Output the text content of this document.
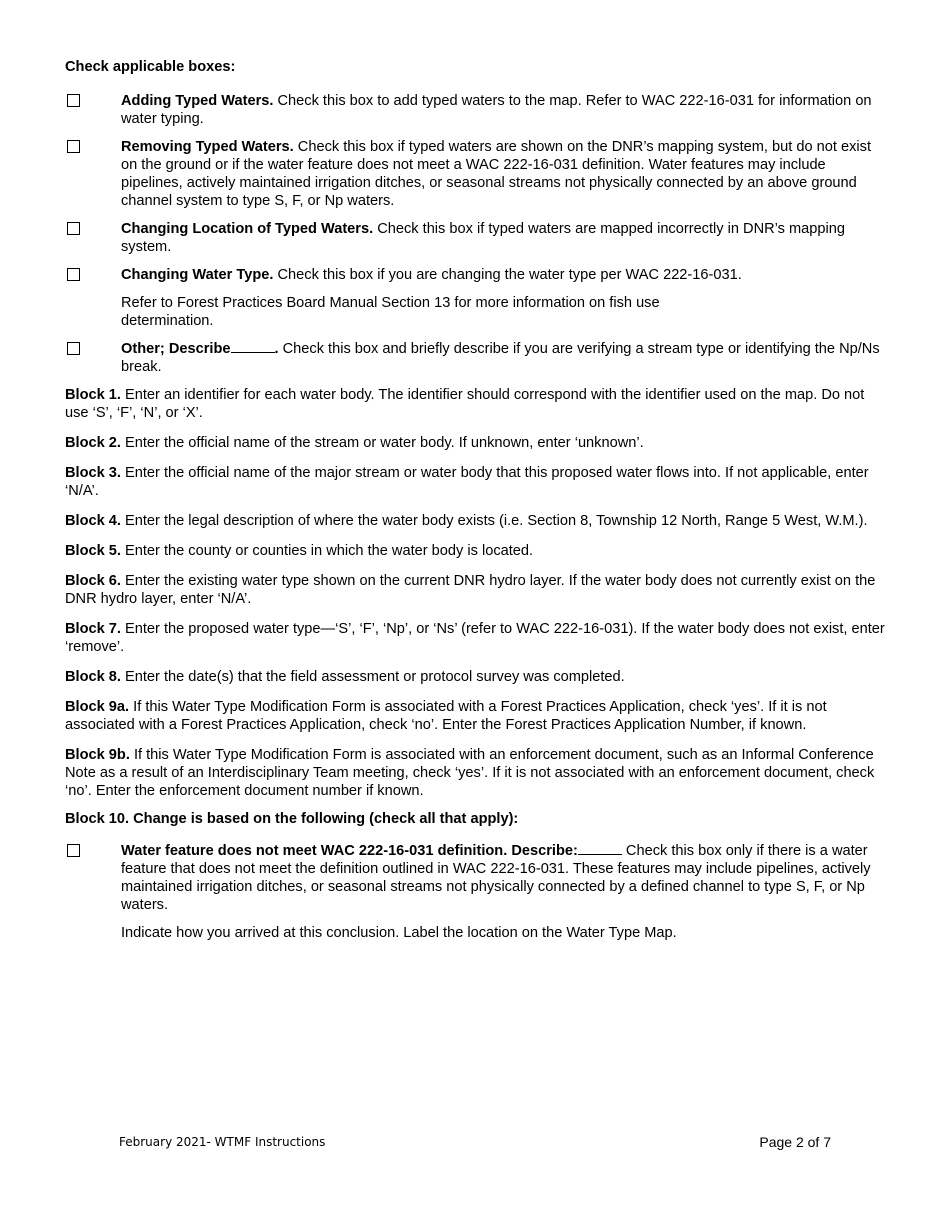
Check applicable boxes:

Adding Typed Waters. Check this box to add typed waters to the map. Refer to WAC 222-16-031 for information on water typing.

Removing Typed Waters. Check this box if typed waters are shown on the DNR’s mapping system, but do not exist on the ground or if the water feature does not meet a WAC 222-16-031 definition. Water features may include pipelines, actively maintained irrigation ditches, or seasonal streams not physically connected by an above ground channel system to type S, F, or Np waters.

Changing Location of Typed Waters. Check this box if typed waters are mapped incorrectly in DNR’s mapping system.

Changing Water Type. Check this box if you are changing the water type per WAC 222-16-031.

Refer to Forest Practices Board Manual Section 13 for more information on fish use determination.

Other; Describe	. Check this box and briefly describe if you are verifying a stream type or identifying the Np/Ns break.

Block 1. Enter an identifier for each water body. The identifier should correspond with the identifier used on the map. Do not use ‘S’, ‘F’, ‘N’, or ‘X’.

Block 2. Enter the official name of the stream or water body. If unknown, enter ‘unknown’.

Block 3. Enter the official name of the major stream or water body that this proposed water flows into. If not applicable, enter ‘N/A’.

Block 4. Enter the legal description of where the water body exists (i.e. Section 8, Township 12 North, Range 5 West, W.M.).

Block 5. Enter the county or counties in which the water body is located.

Block 6. Enter the existing water type shown on the current DNR hydro layer. If the water body does not currently exist on the DNR hydro layer, enter ‘N/A’.

Block 7. Enter the proposed water type—‘S’, ‘F’, ‘Np’, or ‘Ns’ (refer to WAC 222-16-031). If the water body does not exist, enter ‘remove’.

Block 8. Enter the date(s) that the field assessment or protocol survey was completed.

Block 9a. If this Water Type Modification Form is associated with a Forest Practices Application, check ‘yes’. If it is not associated with a Forest Practices Application, check ‘no’. Enter the Forest Practices Application Number, if known.

Block 9b. If this Water Type Modification Form is associated with an enforcement document, such as an Informal Conference Note as a result of an Interdisciplinary Team meeting, check ‘yes’. If it is not associated with an enforcement document, check ‘no’. Enter the enforcement document number if known.

Block 10. Change is based on the following (check all that apply):

Water feature does not meet WAC 222-16-031 definition. Describe:	Check this box only if there is a water feature that does not meet the definition outlined in WAC 222-16-031. These features may include pipelines, actively maintained irrigation ditches, or seasonal streams not physically connected by a defined channel to type S, F, or Np waters.

Indicate how you arrived at this conclusion. Label the location on the Water Type Map.

February 2021- WTMF Instructions	Page 2 of 7
